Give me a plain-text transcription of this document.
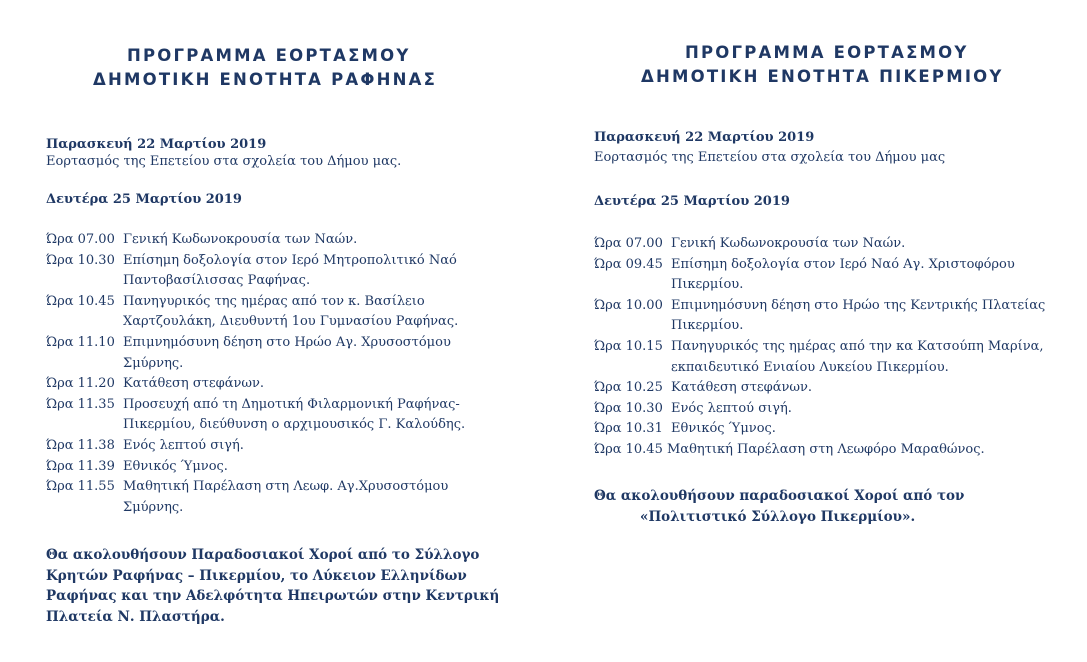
ΠΡΟΓΡΑΜΜΑ ΕΟΡΤΑΣΜΟΥ
ΔΗΜΟΤΙΚΗ ΕΝΟΤΗΤΑ ΡΑΦΗΝΑΣ
Παρασκευή 22 Μαρτίου 2019
Εορτασμός της Επετείου στα σχολεία του Δήμου μας.
Δευτέρα 25 Μαρτίου 2019
Ώρα 07.00 Γενική Κωδωνοκρουσία των Ναών.
Ώρα 10.30 Επίσημη δοξολογία στον Ιερό Μητροπολιτικό Ναό
Παντοβασίλισσας Ραφήνας.
Ώρα 10.45 Πανηγυρικός της ημέρας από τον κ. Βασίλειο
Χαρτζουλάκη, Διευθυντή 1ου Γυμνασίου Ραφήνας.
Ώρα 11.10 Επιμνημόσυνη δέηση στο Ηρώο Αγ. Χρυσοστόμου
Σμύρνης.
Ώρα 11.20 Κατάθεση στεφάνων.
Ώρα 11.35 Προσευχή από τη Δημοτική Φιλαρμονική Ραφήνας-
Πικερμίου, διεύθυνση ο αρχιμουσικός Γ. Καλούδης.
Ώρα 11.38 Ενός λεπτού σιγή.
Ώρα 11.39 Εθνικός Ύμνος.
Ώρα 11.55 Μαθητική Παρέλαση στη Λεωφ. Αγ.Χρυσοστόμου
Σμύρνης.
Θα ακολουθήσουν Παραδοσιακοί Χοροί από το Σύλλογο
Κρητών Ραφήνας – Πικερμίου, το Λύκειον Ελληνίδων
Ραφήνας και την Αδελφότητα Ηπειρωτών στην Κεντρική
Πλατεία Ν. Πλαστήρα.
ΠΡΟΓΡΑΜΜΑ ΕΟΡΤΑΣΜΟΥ
ΔΗΜΟΤΙΚΗ ΕΝΟΤΗΤΑ ΠΙΚΕΡΜΙΟΥ
Παρασκευή 22 Μαρτίου 2019
Εορτασμός της Επετείου στα σχολεία του Δήμου μας
Δευτέρα 25 Μαρτίου 2019
Ώρα 07.00 Γενική Κωδωνοκρουσία των Ναών.
Ώρα 09.45 Επίσημη δοξολογία στον Ιερό Ναό Αγ. Χριστοφόρου
Πικερμίου.
Ώρα 10.00 Επιμνημόσυνη δέηση στο Ηρώο της Κεντρικής Πλατείας
Πικερμίου.
Ώρα 10.15 Πανηγυρικός της ημέρας από την κα Κατσούπη Μαρίνα,
εκπαιδευτικό Ενιαίου Λυκείου Πικερμίου.
Ώρα 10.25 Κατάθεση στεφάνων.
Ώρα 10.30 Ενός λεπτού σιγή.
Ώρα 10.31 Εθνικός Ύμνος.
Ώρα 10.45 Μαθητική Παρέλαση στη Λεωφόρο Μαραθώνος.
Θα ακολουθήσουν παραδοσιακοί Χοροί από τον
«Πολιτιστικό Σύλλογο Πικερμίου».
